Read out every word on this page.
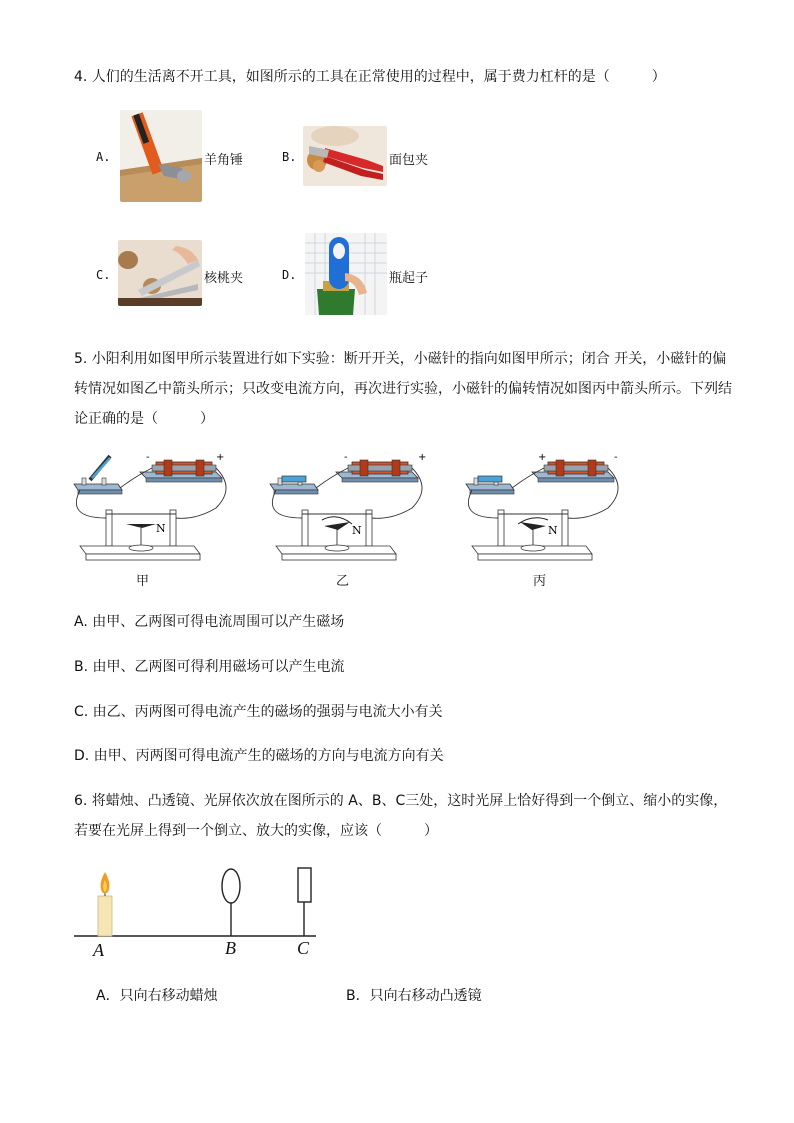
4. 人们的生活离不开工具，如图所示的工具在正常使用的过程中，属于费力杠杆的是（　　　）
A.	羊角锤	B.	面包夹
C.	核桃夹	D.	瓶起子
5. 小阳利用如图甲所示装置进行如下实验：断开开关，小磁针的指向如图甲所示；闭合 开关，小磁针的偏转情况如图乙中箭头所示；只改变电流方向，再次进行实验，小磁针的偏转情况如图丙中箭头所示。下列结论正确的是（　　　）
-	+
N
-	+
N
+	-
N
甲	乙	丙
A. 由甲、乙两图可得电流周围可以产生磁场
B. 由甲、乙两图可得利用磁场可以产生电流
C. 由乙、丙两图可得电流产生的磁场的强弱与电流大小有关
D. 由甲、丙两图可得电流产生的磁场的方向与电流方向有关
6. 将蜡烛、凸透镜、光屏依次放在图所示的 A、B、C三处，这时光屏上恰好得到一个倒立、缩小的实像，若要在光屏上得到一个倒立、放大的实像，应该（　　　）
A	B	C
A．只向右移动蜡烛	B．只向右移动凸透镜
